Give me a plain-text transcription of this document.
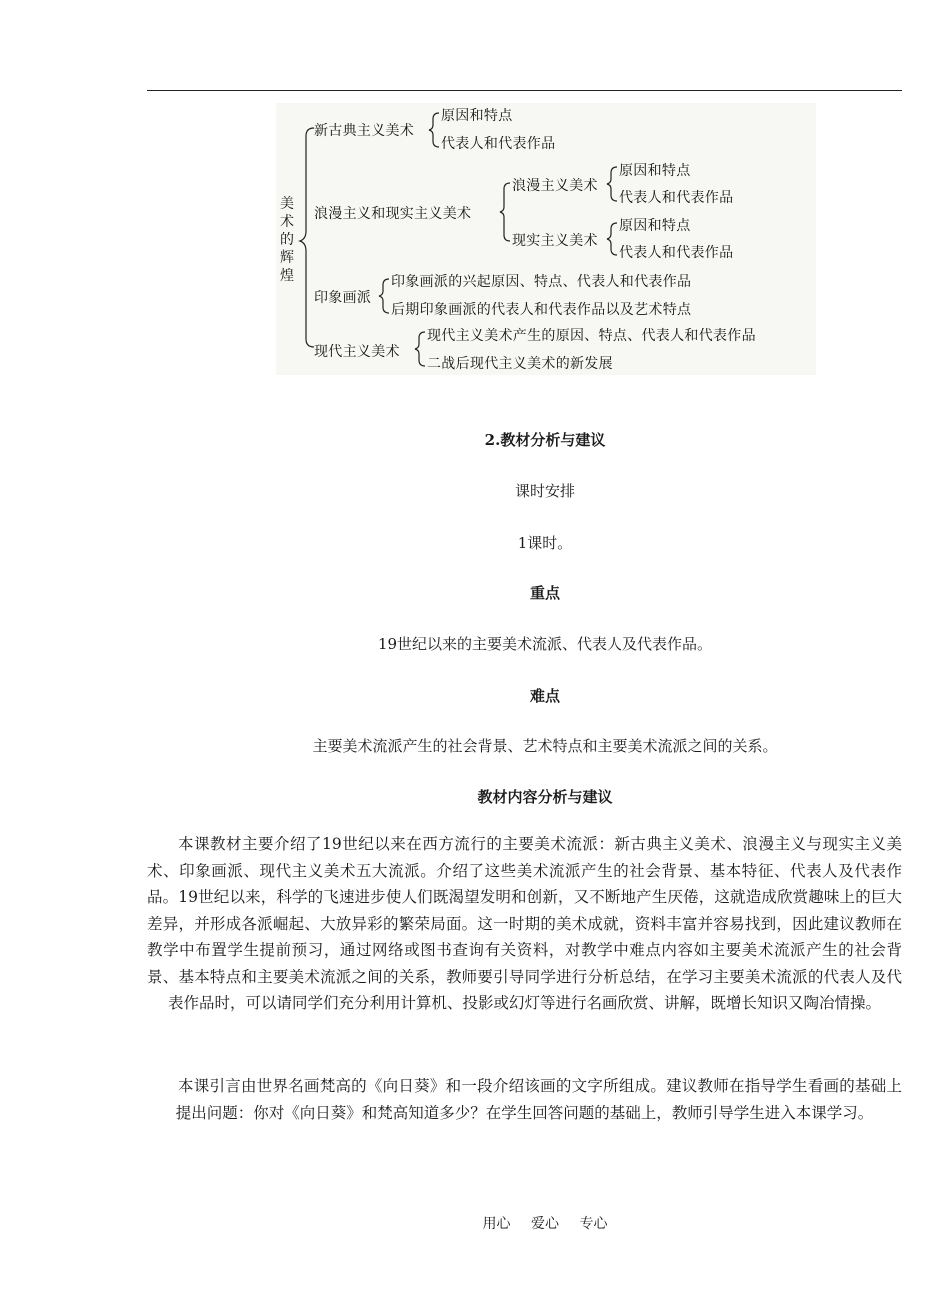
美
术
的
辉
煌
新古典主义美术
原因和特点
代表人和代表作品
浪漫主义和现实主义美术
浪漫主义美术
原因和特点
代表人和代表作品
现实主义美术
原因和特点
代表人和代表作品
印象画派
印象画派的兴起原因、特点、代表人和代表作品
后期印象画派的代表人和代表作品以及艺术特点
现代主义美术
现代主义美术产生的原因、特点、代表人和代表作品
二战后现代主义美术的新发展
2.教材分析与建议
课时安排
1课时。
重点
19世纪以来的主要美术流派、代表人及代表作品。
难点
主要美术流派产生的社会背景、艺术特点和主要美术流派之间的关系。
教材内容分析与建议
本课教材主要介绍了19世纪以来在西方流行的主要美术流派：新古典主义美术、浪漫主义与现实主义美术、印象画派、现代主义美术五大流派。介绍了这些美术流派产生的社会背景、基本特征、代表人及代表作品。19世纪以来，科学的飞速进步使人们既渴望发明和创新，又不断地产生厌倦，这就造成欣赏趣味上的巨大差异，并形成各派崛起、大放异彩的繁荣局面。这一时期的美术成就，资料丰富并容易找到，因此建议教师在教学中布置学生提前预习，通过网络或图书查询有关资料，对教学中难点内容如主要美术流派产生的社会背景、基本特点和主要美术流派之间的关系，教师要引导同学进行分析总结，在学习主要美术流派的代表人及代表作品时，可以请同学们充分利用计算机、投影或幻灯等进行名画欣赏、讲解，既增长知识又陶冶情操。
本课引言由世界名画梵高的《向日葵》和一段介绍该画的文字所组成。建议教师在指导学生看画的基础上提出问题：你对《向日葵》和梵高知道多少？在学生回答问题的基础上，教师引导学生进入本课学习。
用心 爱心 专心
